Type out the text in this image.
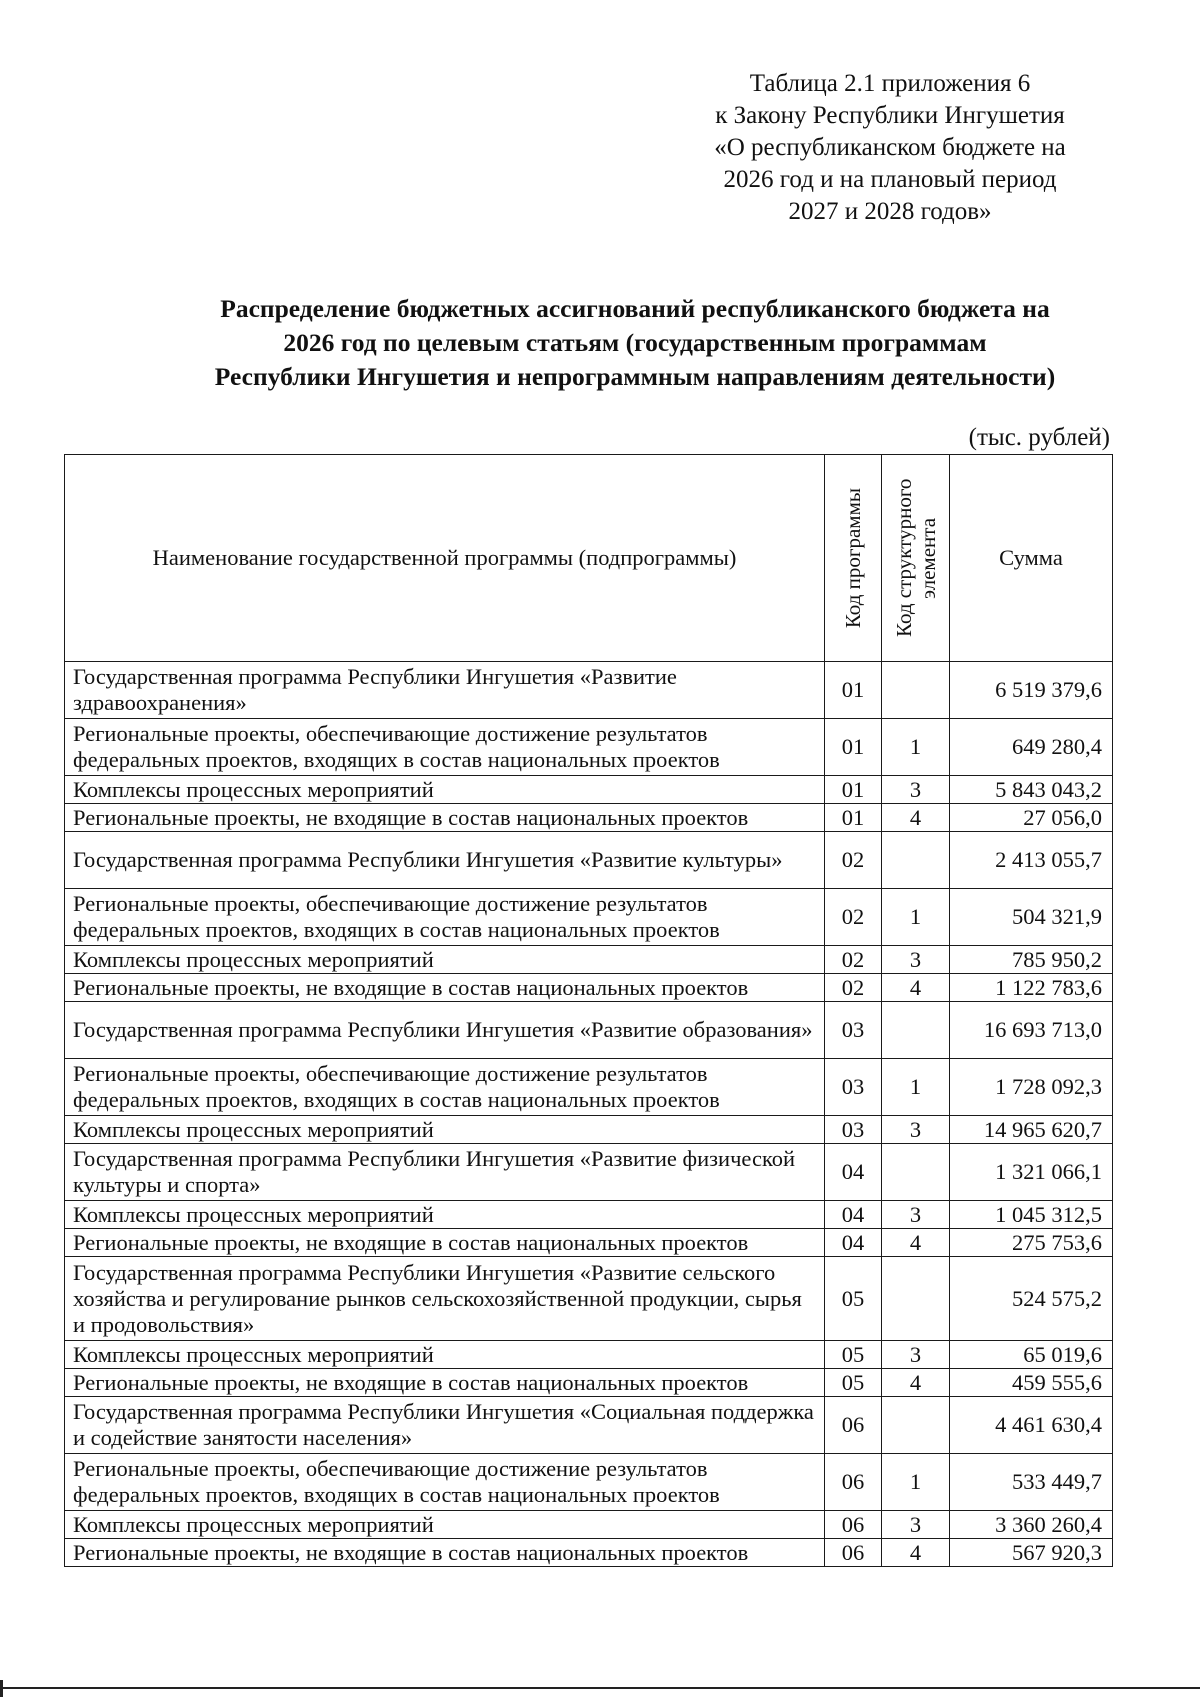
Таблица 2.1 приложения 6
к Закону Республики Ингушетия
«О республиканском бюджете на
2026 год и на плановый период
2027 и 2028 годов»
Распределение бюджетных ассигнований республиканского бюджета на
2026 год по целевым статьям (государственным программам
Республики Ингушетия и непрограммным направлениям деятельности)
(тыс. рублей)
Наименование государственной программы (подпрограммы)	Код программы	Код структурного элемента	Сумма
Государственная программа Республики Ингушетия «Развитие здравоохранения»	01		6 519 379,6
Региональные проекты, обеспечивающие достижение результатов федеральных проектов, входящих в состав национальных проектов	01	1	649 280,4
Комплексы процессных мероприятий	01	3	5 843 043,2
Региональные проекты, не входящие в состав национальных проектов	01	4	27 056,0
Государственная программа Республики Ингушетия «Развитие культуры»	02		2 413 055,7
Региональные проекты, обеспечивающие достижение результатов федеральных проектов, входящих в состав национальных проектов	02	1	504 321,9
Комплексы процессных мероприятий	02	3	785 950,2
Региональные проекты, не входящие в состав национальных проектов	02	4	1 122 783,6
Государственная программа Республики Ингушетия «Развитие образования»	03		16 693 713,0
Региональные проекты, обеспечивающие достижение результатов федеральных проектов, входящих в состав национальных проектов	03	1	1 728 092,3
Комплексы процессных мероприятий	03	3	14 965 620,7
Государственная программа Республики Ингушетия «Развитие физической культуры и спорта»	04		1 321 066,1
Комплексы процессных мероприятий	04	3	1 045 312,5
Региональные проекты, не входящие в состав национальных проектов	04	4	275 753,6
Государственная программа Республики Ингушетия «Развитие сельского хозяйства и регулирование рынков сельскохозяйственной продукции, сырья и продовольствия»	05		524 575,2
Комплексы процессных мероприятий	05	3	65 019,6
Региональные проекты, не входящие в состав национальных проектов	05	4	459 555,6
Государственная программа Республики Ингушетия «Социальная поддержка и содействие занятости населения»	06		4 461 630,4
Региональные проекты, обеспечивающие достижение результатов федеральных проектов, входящих в состав национальных проектов	06	1	533 449,7
Комплексы процессных мероприятий	06	3	3 360 260,4
Региональные проекты, не входящие в состав национальных проектов	06	4	567 920,3
